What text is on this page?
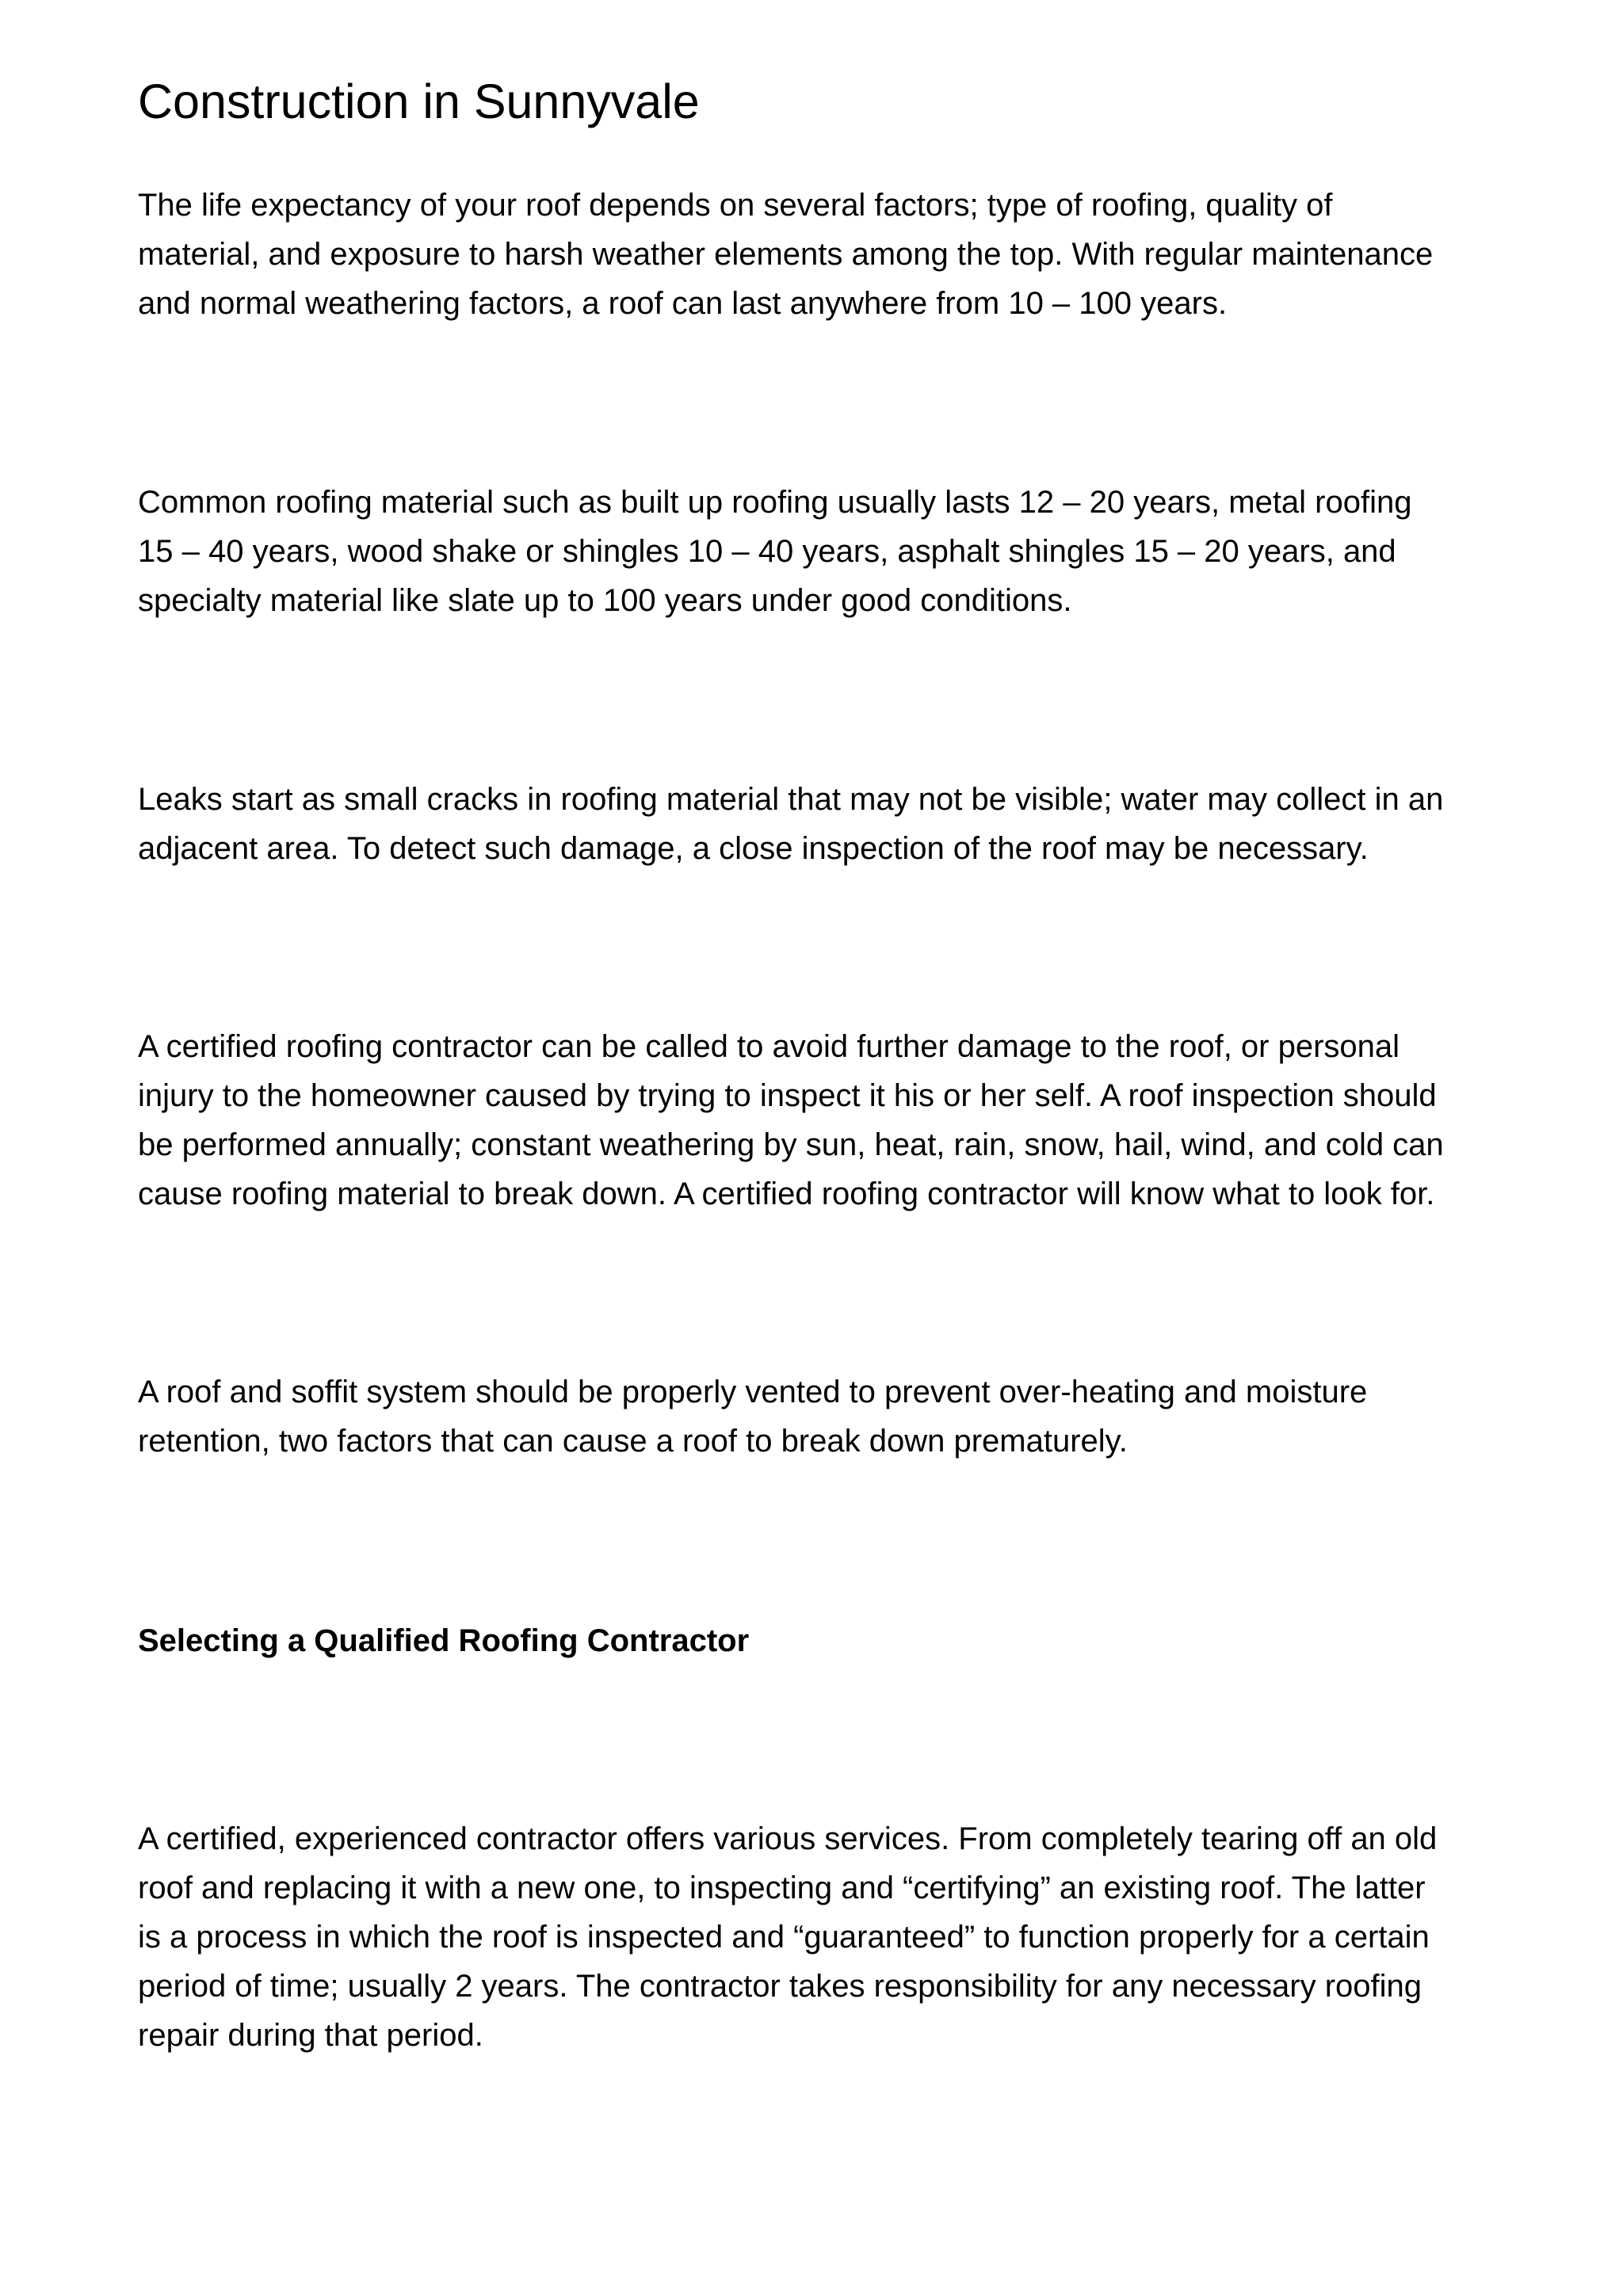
Construction in Sunnyvale

The life expectancy of your roof depends on several factors; type of roofing, quality of
material, and exposure to harsh weather elements among the top. With regular maintenance
and normal weathering factors, a roof can last anywhere from 10 – 100 years.

Common roofing material such as built up roofing usually lasts 12 – 20 years, metal roofing
15 – 40 years, wood shake or shingles 10 – 40 years, asphalt shingles 15 – 20 years, and
specialty material like slate up to 100 years under good conditions.

Leaks start as small cracks in roofing material that may not be visible; water may collect in an
adjacent area. To detect such damage, a close inspection of the roof may be necessary.

A certified roofing contractor can be called to avoid further damage to the roof, or personal
injury to the homeowner caused by trying to inspect it his or her self. A roof inspection should
be performed annually; constant weathering by sun, heat, rain, snow, hail, wind, and cold can
cause roofing material to break down. A certified roofing contractor will know what to look for.

A roof and soffit system should be properly vented to prevent over-heating and moisture
retention, two factors that can cause a roof to break down prematurely.

Selecting a Qualified Roofing Contractor

A certified, experienced contractor offers various services. From completely tearing off an old
roof and replacing it with a new one, to inspecting and “certifying” an existing roof. The latter
is a process in which the roof is inspected and “guaranteed” to function properly for a certain
period of time; usually 2 years. The contractor takes responsibility for any necessary roofing
repair during that period.
